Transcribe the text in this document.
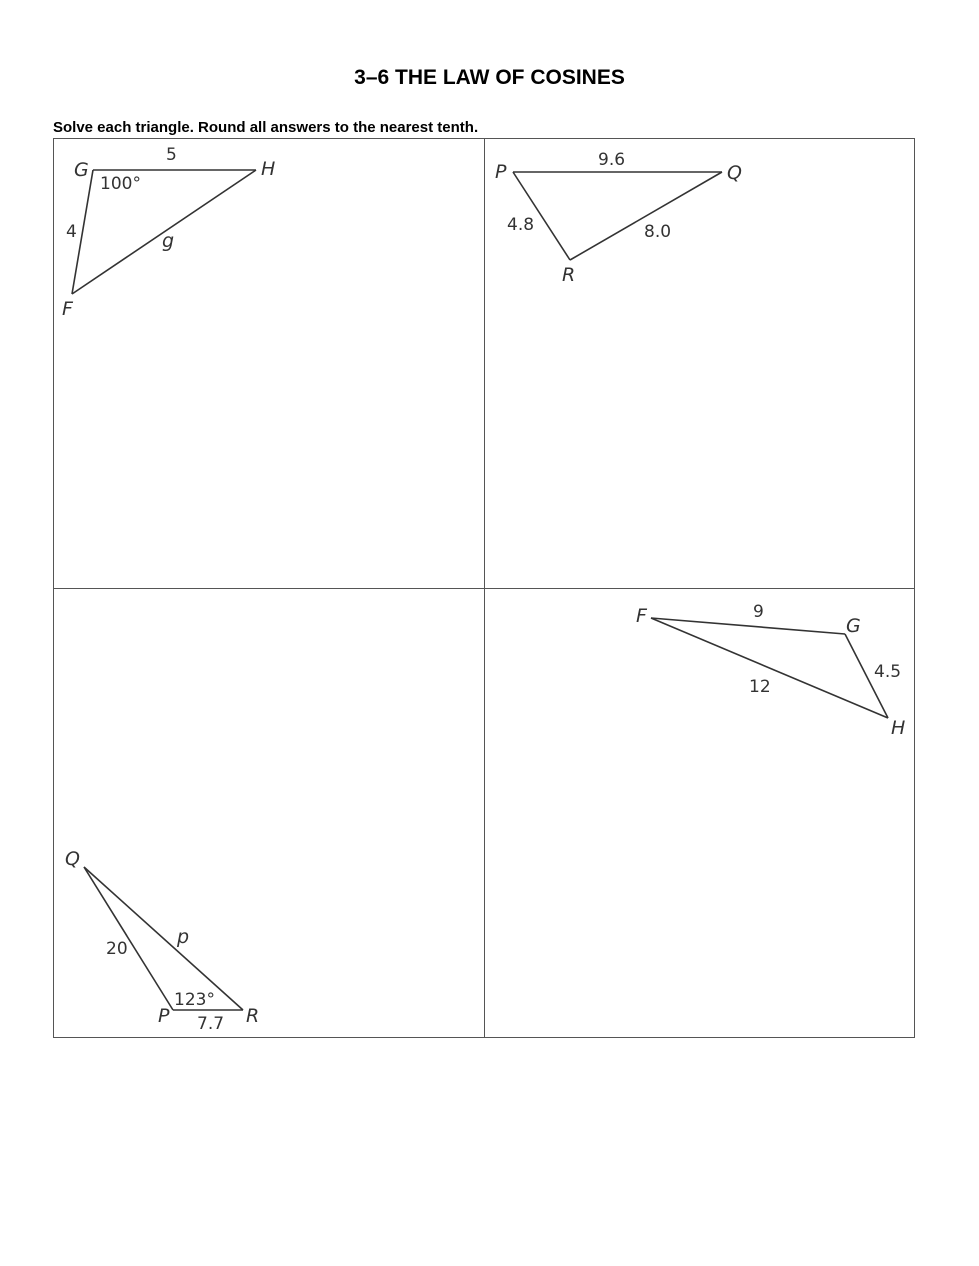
3–6 THE LAW OF COSINES
Solve each triangle. Round all answers to the nearest tenth.
G	H
F
5
4	g
100°
P	Q
R
9.6
4.8	8.0
Q
P	R
20
p
7.7
123°
F	G
H
9
4.5
12
